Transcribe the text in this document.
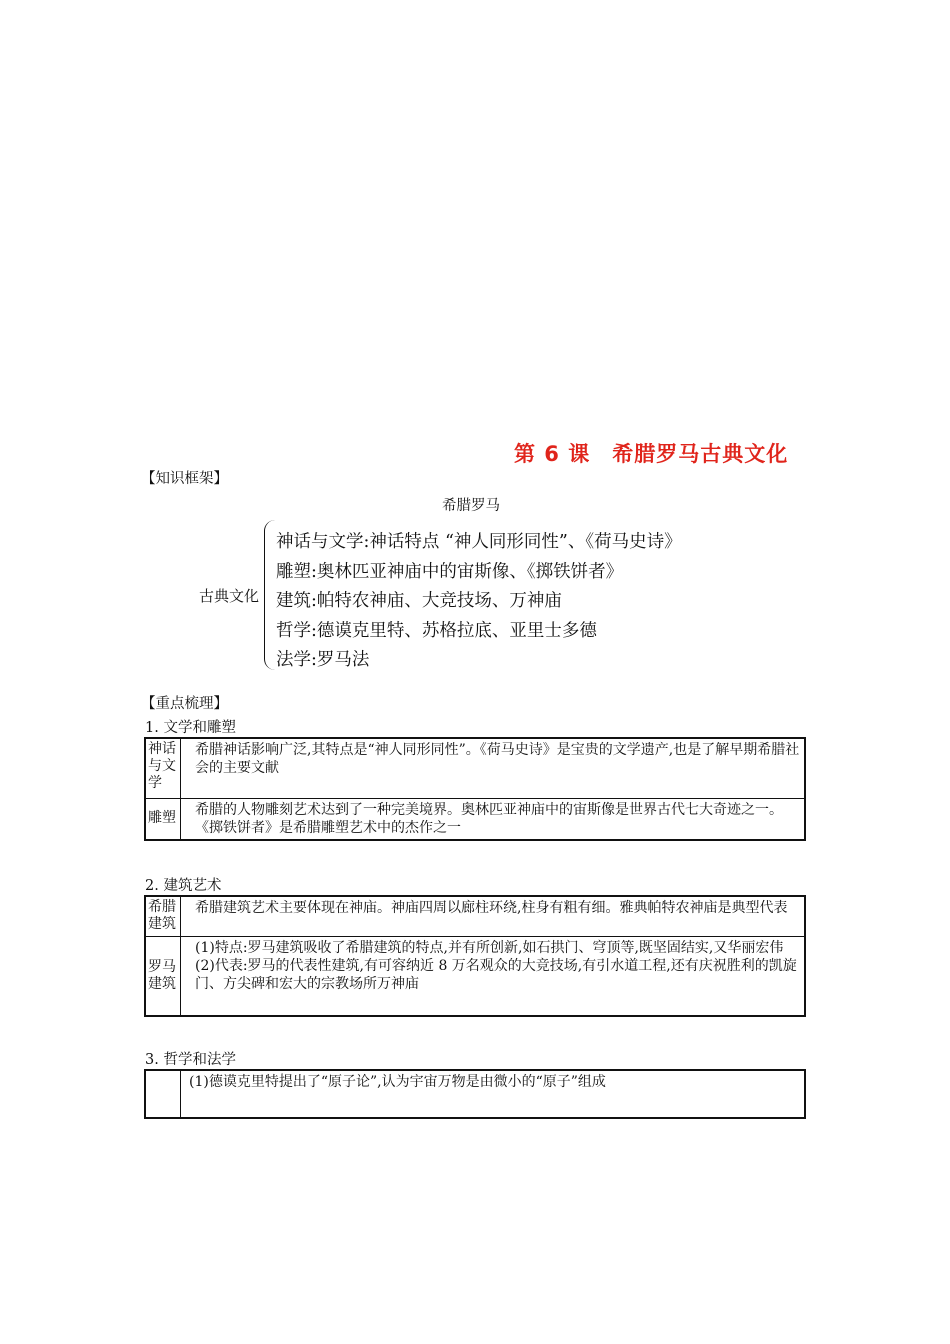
第 6 课　希腊罗马古典文化
【知识框架】
希腊罗马
古典文化
神话与文学:神话特点 “神人同形同性”、《荷马史诗》
雕塑:奥林匹亚神庙中的宙斯像、《掷铁饼者》
建筑:帕特农神庙、大竞技场、万神庙
哲学:德谟克里特、苏格拉底、亚里士多德
法学:罗马法
【重点梳理】
1. 文学和雕塑
神话与文学	希腊神话影响广泛,其特点是“神人同形同性”。《荷马史诗》是宝贵的文学遗产,也是了解早期希腊社会的主要文献
雕塑	希腊的人物雕刻艺术达到了一种完美境界。奥林匹亚神庙中的宙斯像是世界古代七大奇迹之一。《掷铁饼者》是希腊雕塑艺术中的杰作之一
2. 建筑艺术
希腊建筑	希腊建筑艺术主要体现在神庙。神庙四周以廊柱环绕,柱身有粗有细。雅典帕特农神庙是典型代表
罗马建筑	(1)特点:罗马建筑吸收了希腊建筑的特点,并有所创新,如石拱门、穹顶等,既坚固结实,又华丽宏伟
(2)代表:罗马的代表性建筑,有可容纳近 8 万名观众的大竞技场,有引水道工程,还有庆祝胜利的凯旋门、方尖碑和宏大的宗教场所万神庙
3. 哲学和法学
	(1)德谟克里特提出了“原子论”,认为宇宙万物是由微小的“原子”组成
